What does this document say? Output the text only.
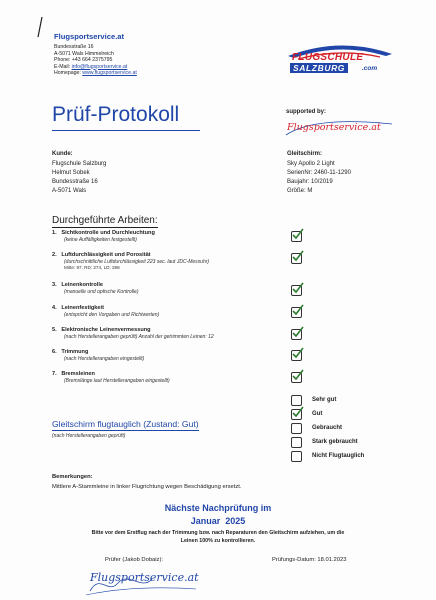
Flugsportservice.at
Bundesstraße 16
A-5071 Wals Himmelreich
Phone: +43 664 2375795
E-Mail: info@flugsportservice.at
Homepage: www.flugsportservice.at
FLUGSCHULE
SALZBURG	.com
Prüf-Protokoll	supported by:
Flugsportservice.at
Kunde:
Flugschule Salzburg
Helmut Sobek
Bundesstraße 16
A-5071 Wals
Gleitschirm:
Sky Apollo 2 Light
SerienNr: 2460-11-1290
Baujahr: 10/2019
Größe: M
Durchgeführte Arbeiten:
1. Sichtkontrolle und Durchleuchtung
(keine Auffälligkeiten festgestellt)
2. Luftdurchlässigkeit und Porosität
(durchschnittliche Luftdurchlässigkeit 223 sec. laut JDC-Messuhr)
Mitte: 97, RD: 274, LD: 298
3. Leinenkontrolle
(manuelle und optische Kontrolle)
4. Leinenfestigkeit
(entspricht den Vorgaben und Richtwerten)
5. Elektronische Leinenvermessung
(nach Herstellerangaben geprüft) Anzahl der getrimmten Leinen: 12
6. Trimmung
(nach Herstellerangaben eingestellt)
7. Bremsleinen
(Bremslänge laut Herstellerangaben eingestellt)
Gleitschirm flugtauglich (Zustand: Gut)
(nach Herstellerangaben geprüft)
Sehr gut
Gut
Gebraucht
Stark gebraucht
Nicht Flugtauglich
Bemerkungen:
Mittlere A-Stammleine in linker Flugrichtung wegen Beschädigung ersetzt.
Nächste Nachprüfung im
Januar  2025
Bitte vor dem Erstflug nach der Trimmung bzw. nach Reparaturen den Gleitschirm aufziehen, um die
Leinen 100% zu kontrollieren.
Prüfer (Jakob Dobaiz):	Prüfungs-Datum: 18.01.2023
Flugsportservice.at
